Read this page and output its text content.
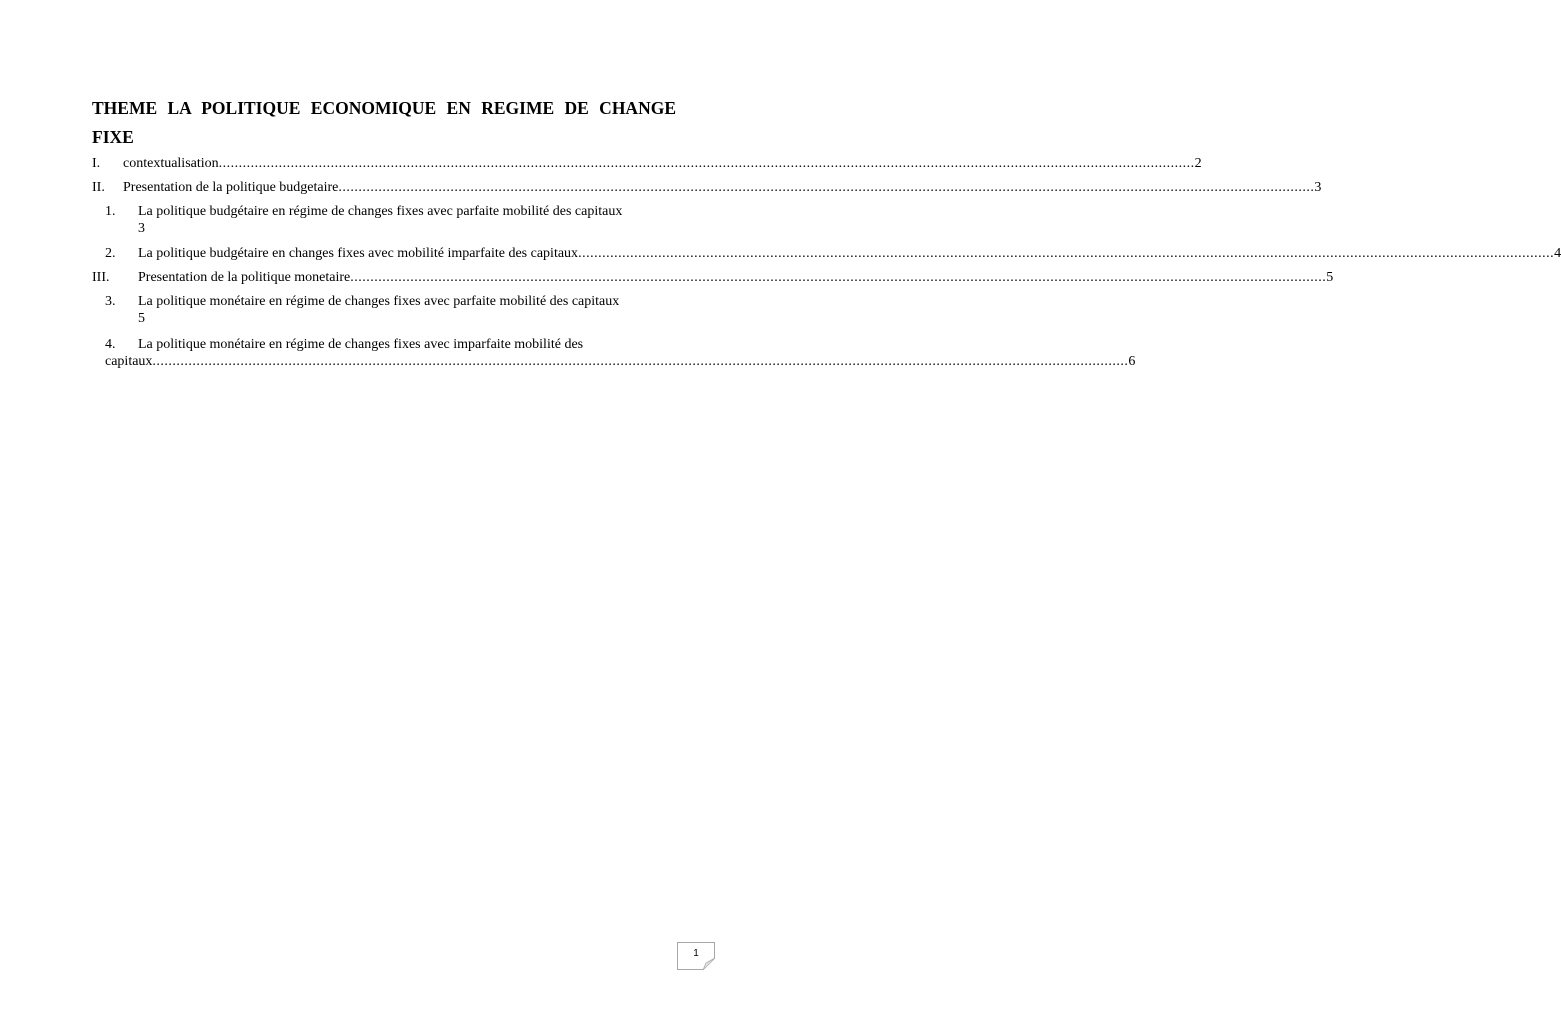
THEME LA POLITIQUE ECONOMIQUE EN REGIME DE CHANGE FIXE
I.	contextualisation .................................................................................................................................................................................................................................................... 2
II.	Presentation de la politique budgetaire .................................................................................................................................................................................................................................................... 3
1.	La politique budgétaire en régime de changes fixes avec parfaite mobilité des capitaux
3
2.	La politique budgétaire en changes fixes avec mobilité imparfaite des capitaux .................................................................................................................................................................................................................................................... 4
III.	Presentation de la politique monetaire .................................................................................................................................................................................................................................................... 5
3.	La politique monétaire en régime de changes fixes avec parfaite mobilité des capitaux
5
4.	La politique monétaire en régime de changes fixes avec imparfaite mobilité des
capitaux .................................................................................................................................................................................................................................................... 6
1
